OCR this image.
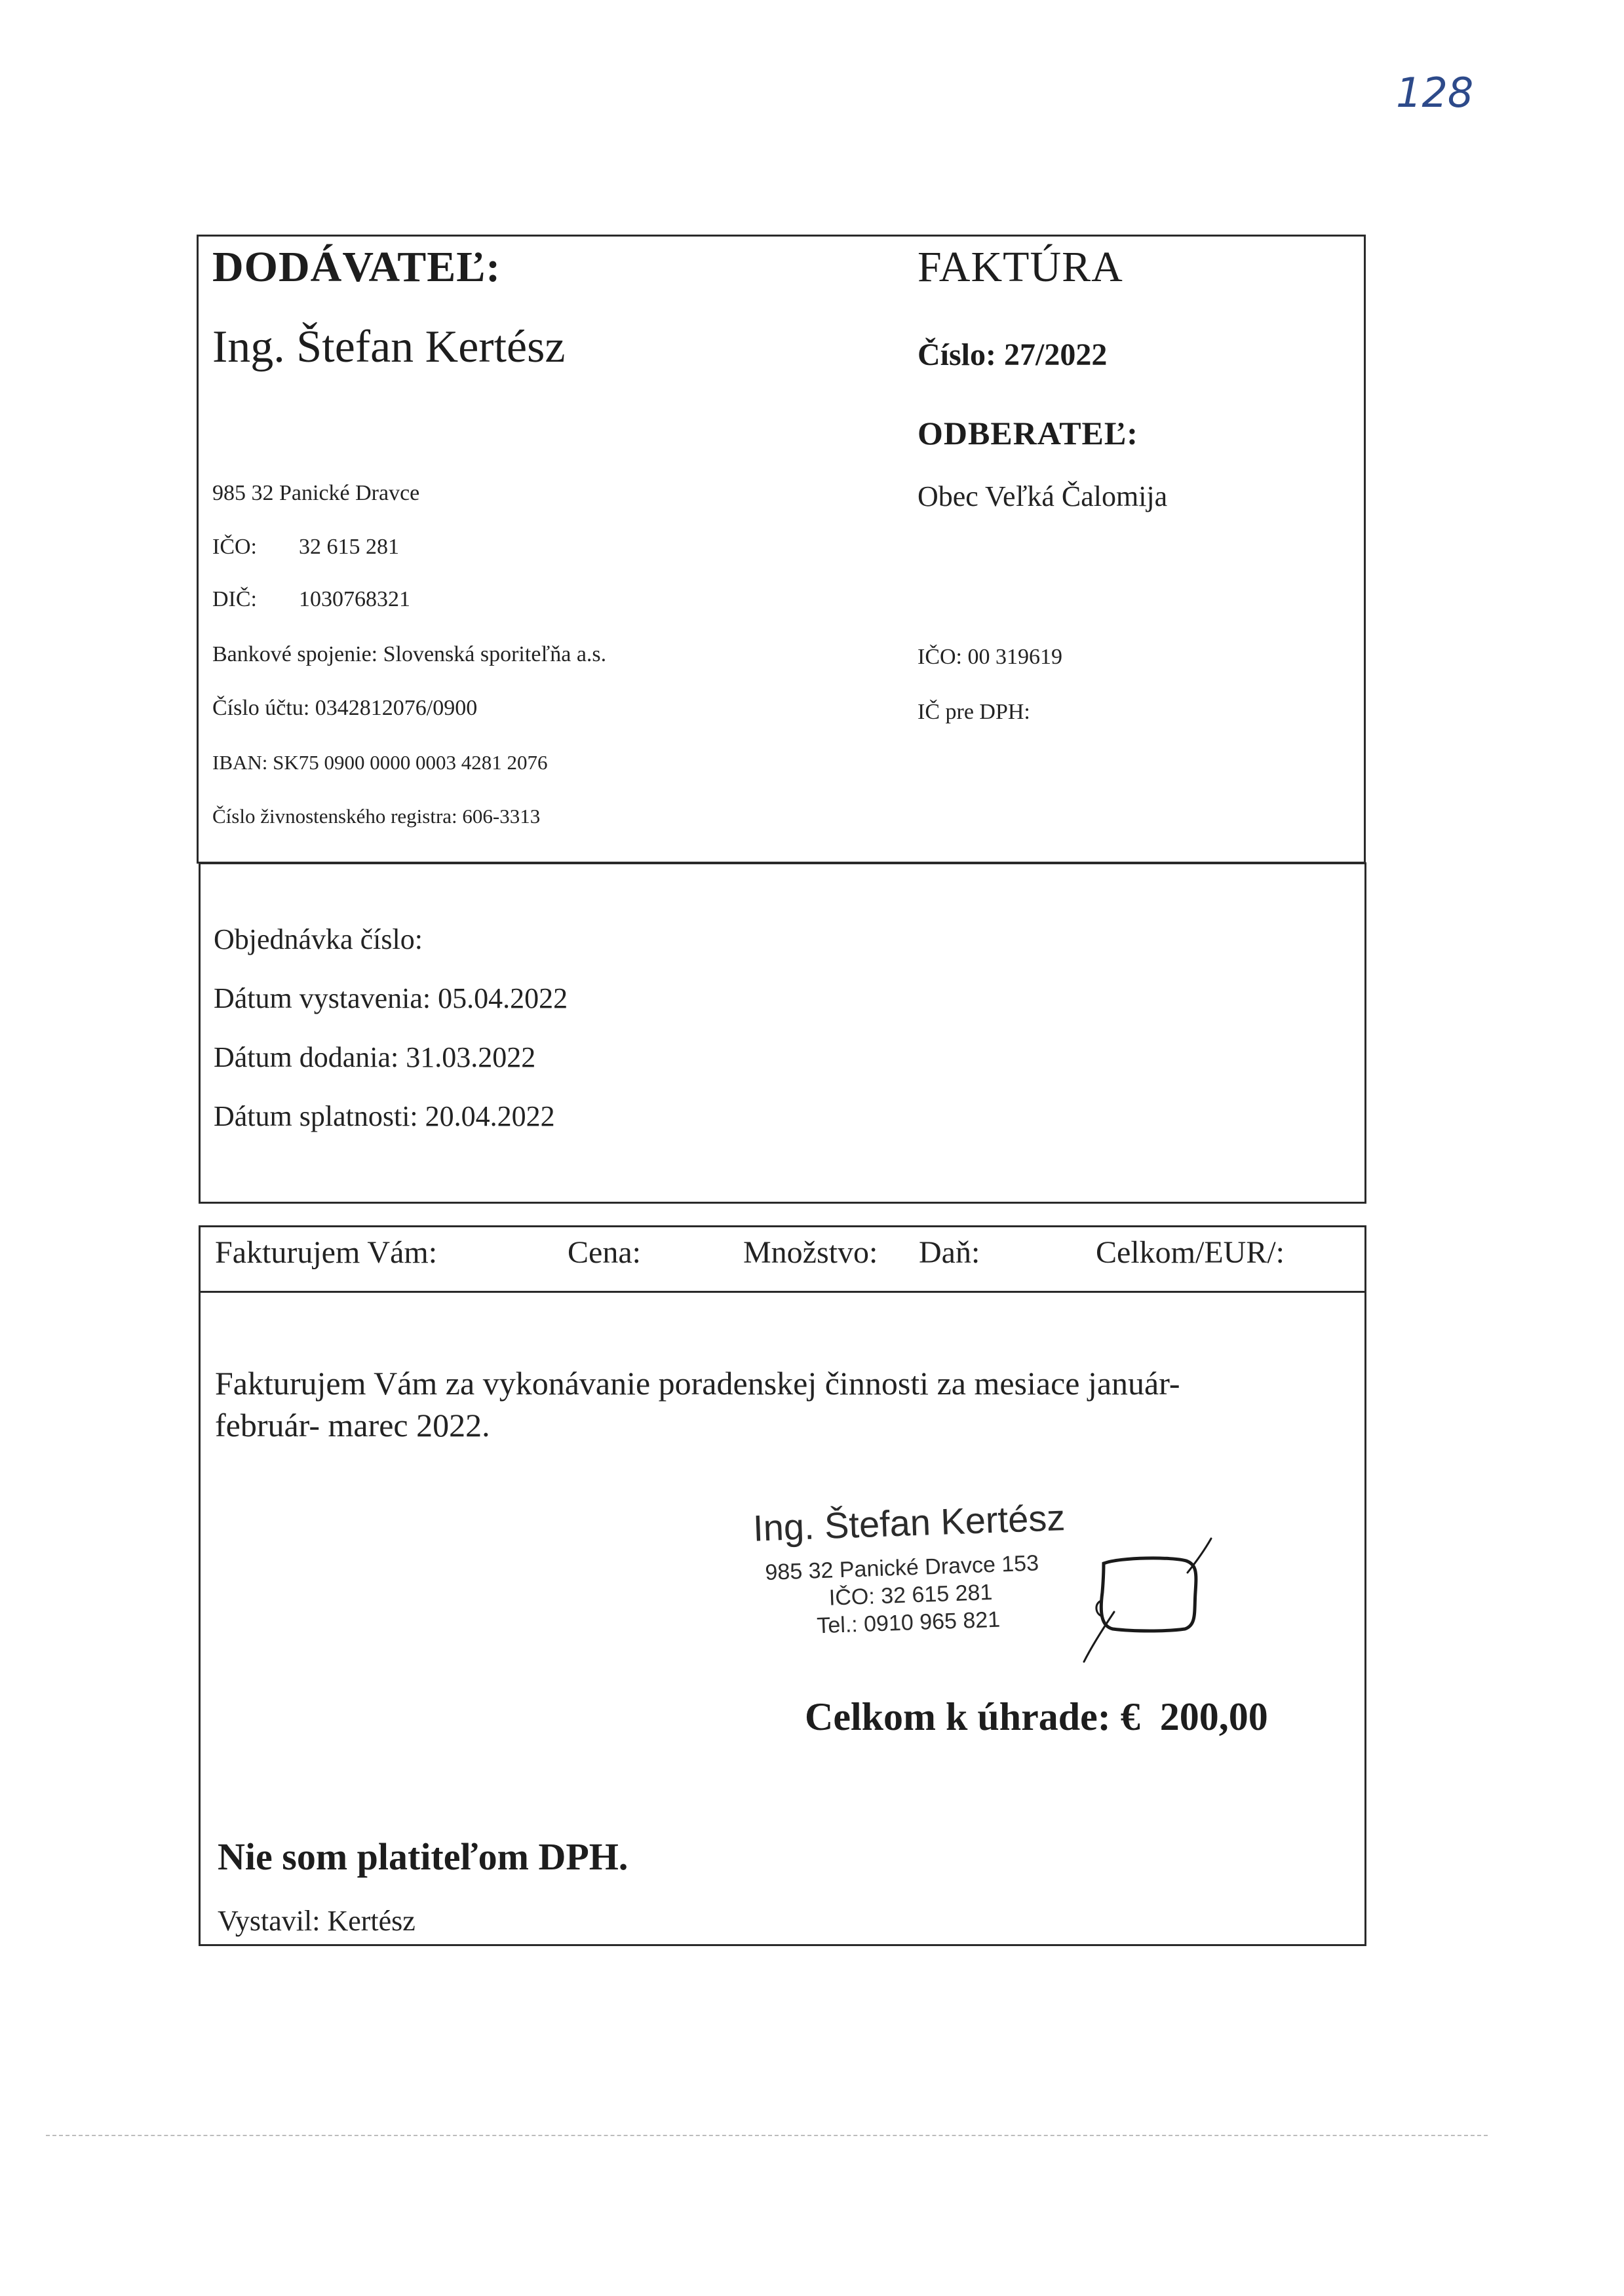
128
DODÁVATEĽ:
Ing. Štefan Kertész
985 32 Panické Dravce
IČO: 32 615 281
DIČ: 1030768321
Bankové spojenie: Slovenská sporiteľňa a.s.
Číslo účtu: 0342812076/0900
IBAN: SK75 0900 0000 0003 4281 2076
Číslo živnostenského registra: 606-3313
FAKTÚRA
Číslo: 27/2022
ODBERATEĽ:
Obec Veľká Čalomija
IČO: 00 319619
IČ pre DPH:
Objednávka číslo:
Dátum vystavenia: 05.04.2022
Dátum dodania: 31.03.2022
Dátum splatnosti: 20.04.2022
Fakturujem Vám:	Cena:	Množstvo: Daň:	Celkom/EUR/:
Fakturujem Vám za vykonávanie poradenskej činnosti za mesiace január-
február- marec 2022.
Ing. Štefan Kertész
985 32 Panické Dravce 153
IČO: 32 615 281
Tel.: 0910 965 821
Celkom k úhrade: €  200,00
Nie som platiteľom DPH.
Vystavil: Kertész
